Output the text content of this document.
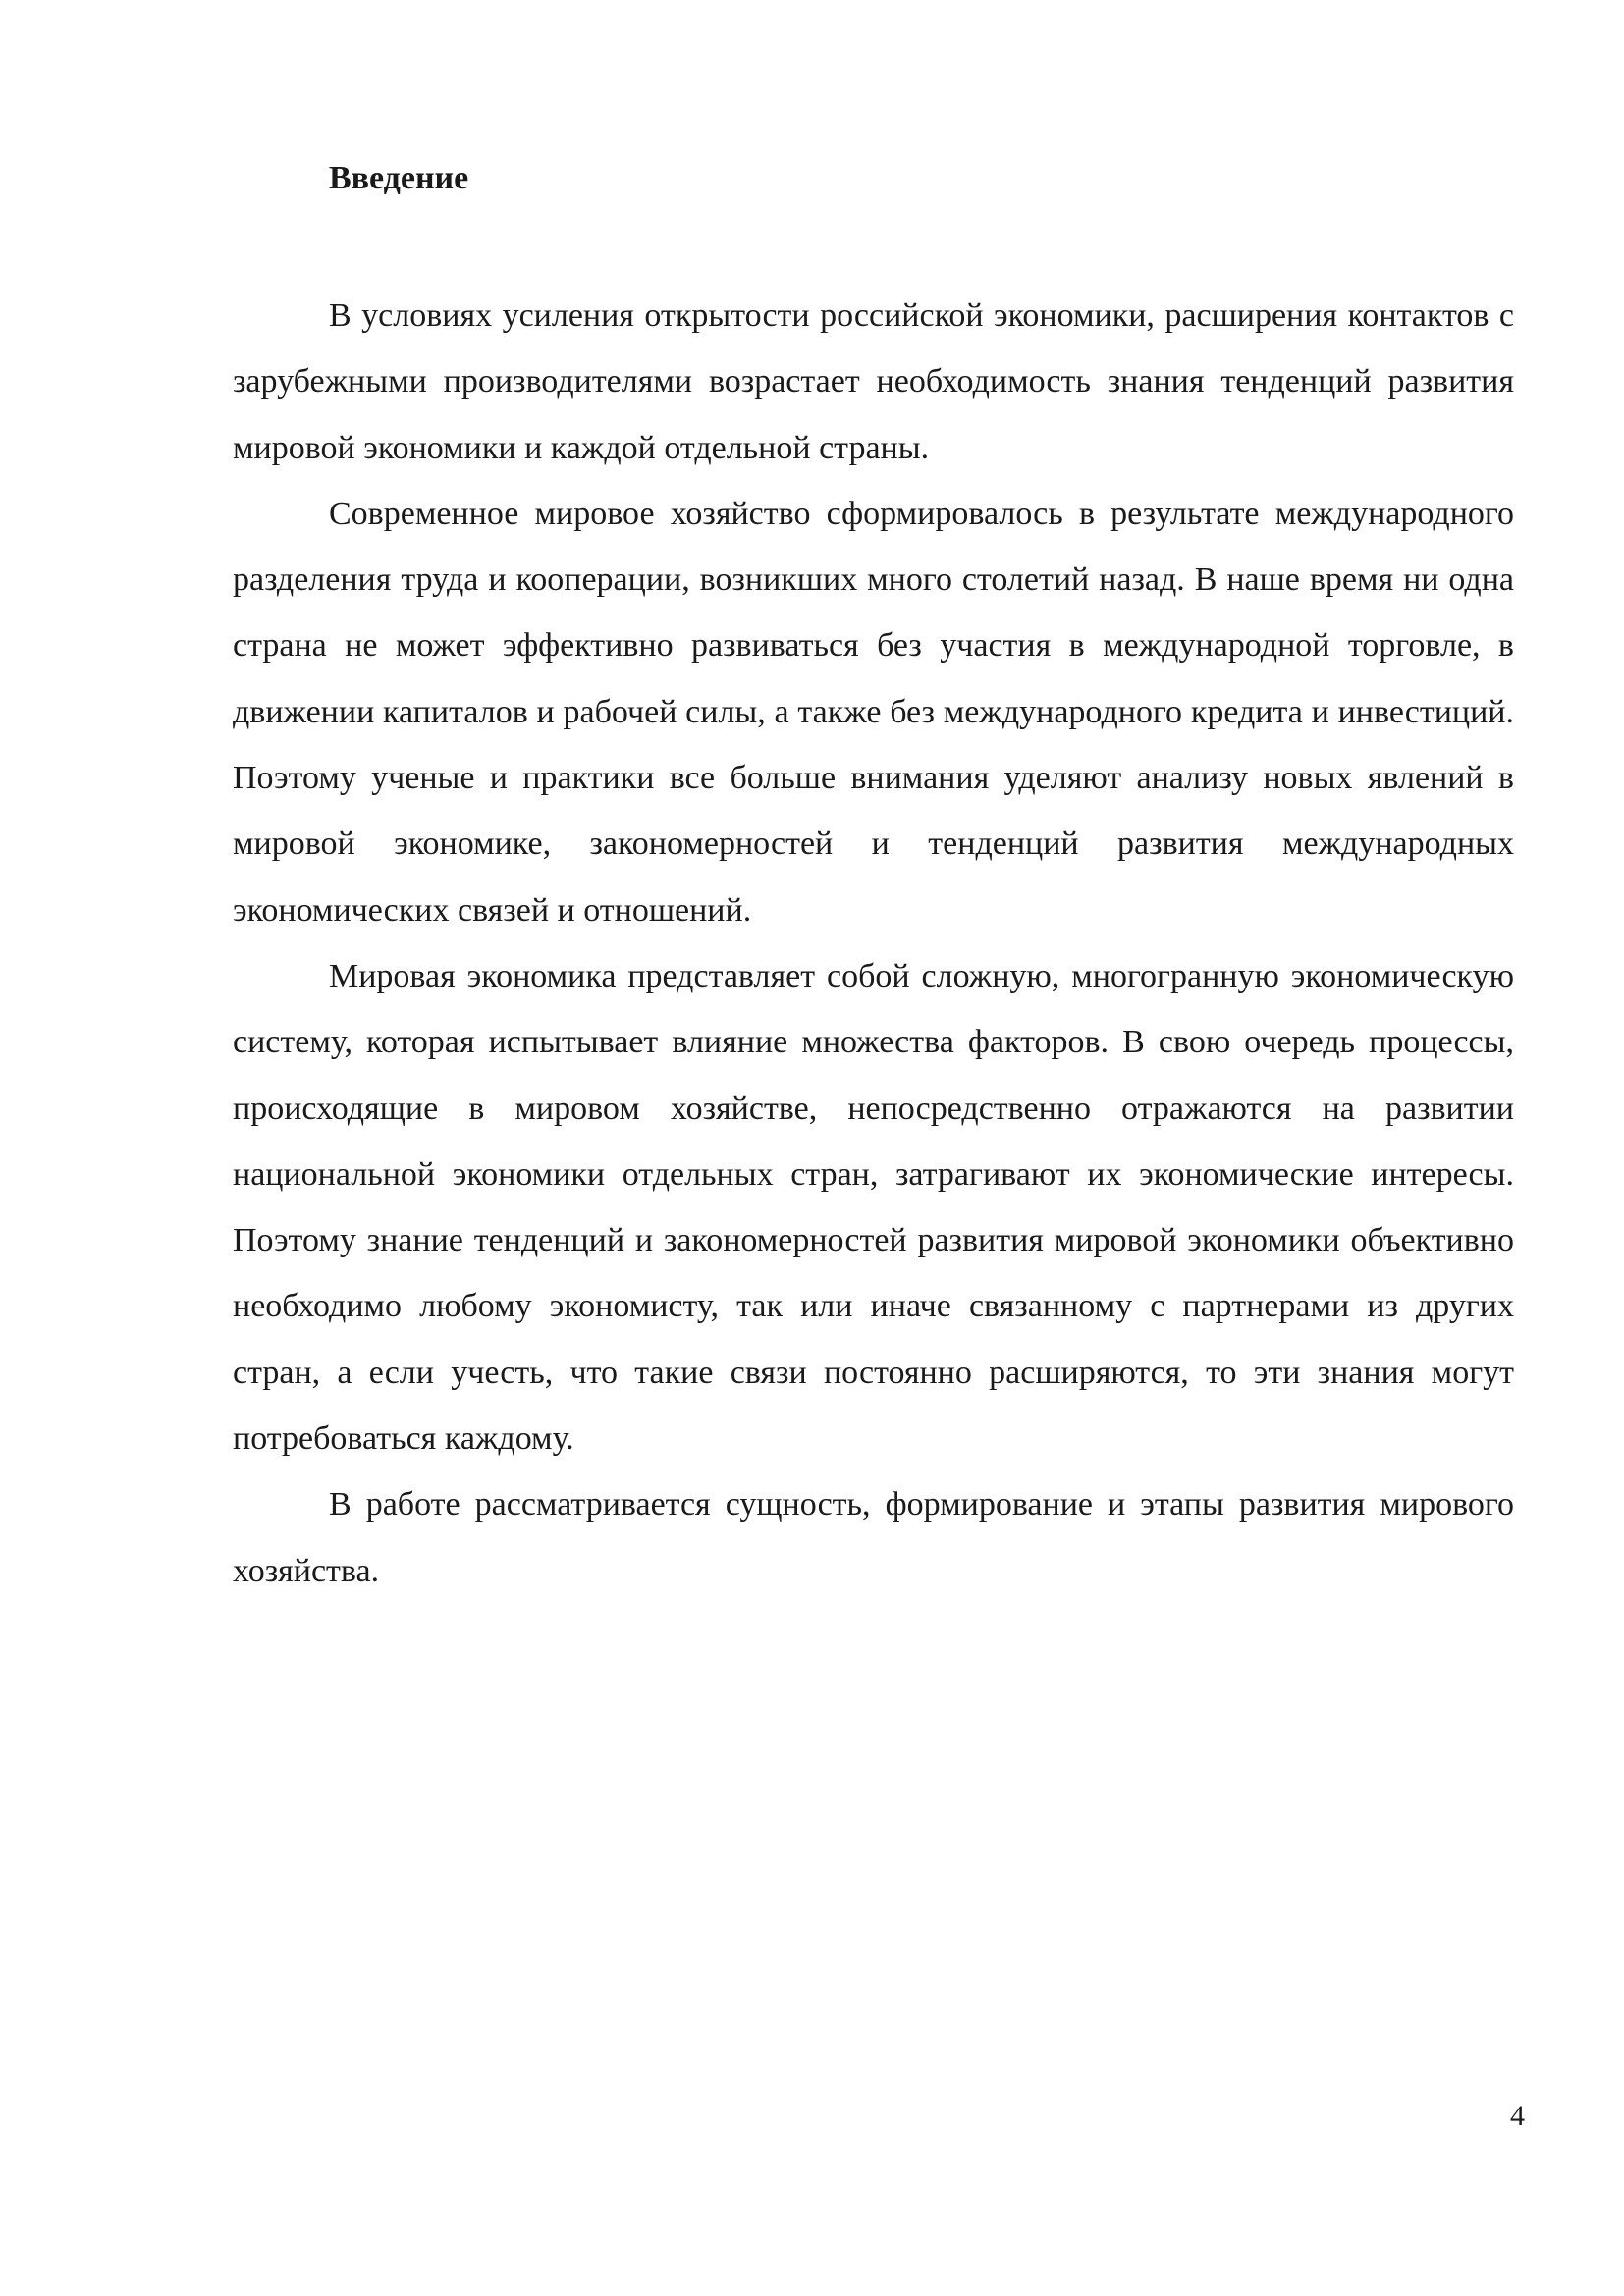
Введение

В условиях усиления открытости российской экономики, расширения контактов с зарубежными производителями возрастает необходимость знания тенденций развития мировой экономики и каждой отдельной страны.

Современное мировое хозяйство сформировалось в результате международного разделения труда и кооперации, возникших много столетий назад. В наше время ни одна страна не может эффективно развиваться без участия в международной торговле, в движении капиталов и рабочей силы, а также без международного кредита и инвестиций. Поэтому ученые и практики все больше внимания уделяют анализу новых явлений в мировой экономике, закономерностей и тенденций развития международных экономических связей и отношений.

Мировая экономика представляет собой сложную, многогранную экономическую систему, которая испытывает влияние множества факторов. В свою очередь процессы, происходящие в мировом хозяйстве, непосредственно отражаются на развитии национальной экономики отдельных стран, затрагивают их экономические интересы. Поэтому знание тенденций и закономерностей развития мировой экономики объективно необходимо любому экономисту, так или иначе связанному с партнерами из других стран, а если учесть, что такие связи постоянно расширяются, то эти знания могут потребоваться каждому.

В работе рассматривается сущность, формирование и этапы развития мирового хозяйства.

4
